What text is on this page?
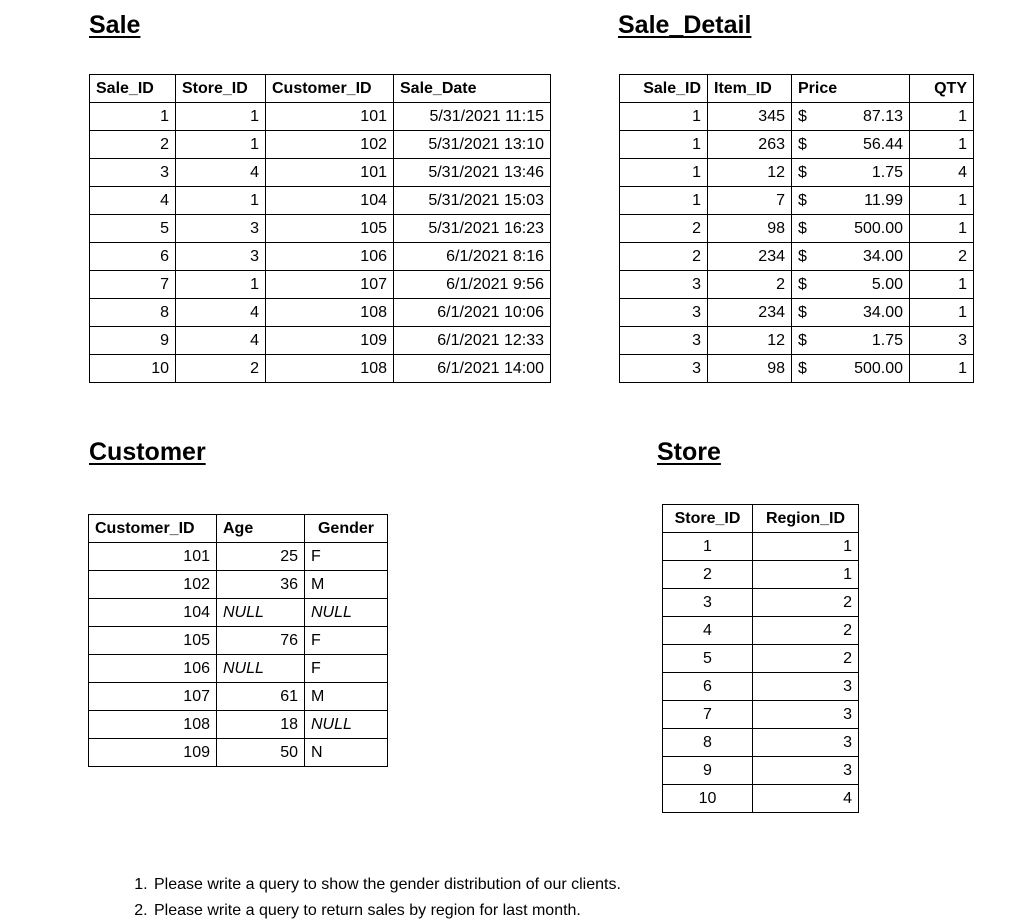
Sale
Sale_ID	Store_ID	Customer_ID	Sale_Date
1	1	101	5/31/2021 11:15
2	1	102	5/31/2021 13:10
3	4	101	5/31/2021 13:46
4	1	104	5/31/2021 15:03
5	3	105	5/31/2021 16:23
6	3	106	6/1/2021 8:16
7	1	107	6/1/2021 9:56
8	4	108	6/1/2021 10:06
9	4	109	6/1/2021 12:33
10	2	108	6/1/2021 14:00
Sale_Detail
Sale_ID	Item_ID	Price	QTY
1	345	$ 87.13	1
1	263	$ 56.44	1
1	12	$ 1.75	4
1	7	$ 11.99	1
2	98	$ 500.00	1
2	234	$ 34.00	2
3	2	$ 5.00	1
3	234	$ 34.00	1
3	12	$ 1.75	3
3	98	$ 500.00	1
Customer
Customer_ID	Age	Gender
101	25	F
102	36	M
104	NULL	NULL
105	76	F
106	NULL	F
107	61	M
108	18	NULL
109	50	N
Store
Store_ID	Region_ID
1	1
2	1
3	2
4	2
5	2
6	3
7	3
8	3
9	3
10	4
1. Please write a query to show the gender distribution of our clients.
2. Please write a query to return sales by region for last month.
